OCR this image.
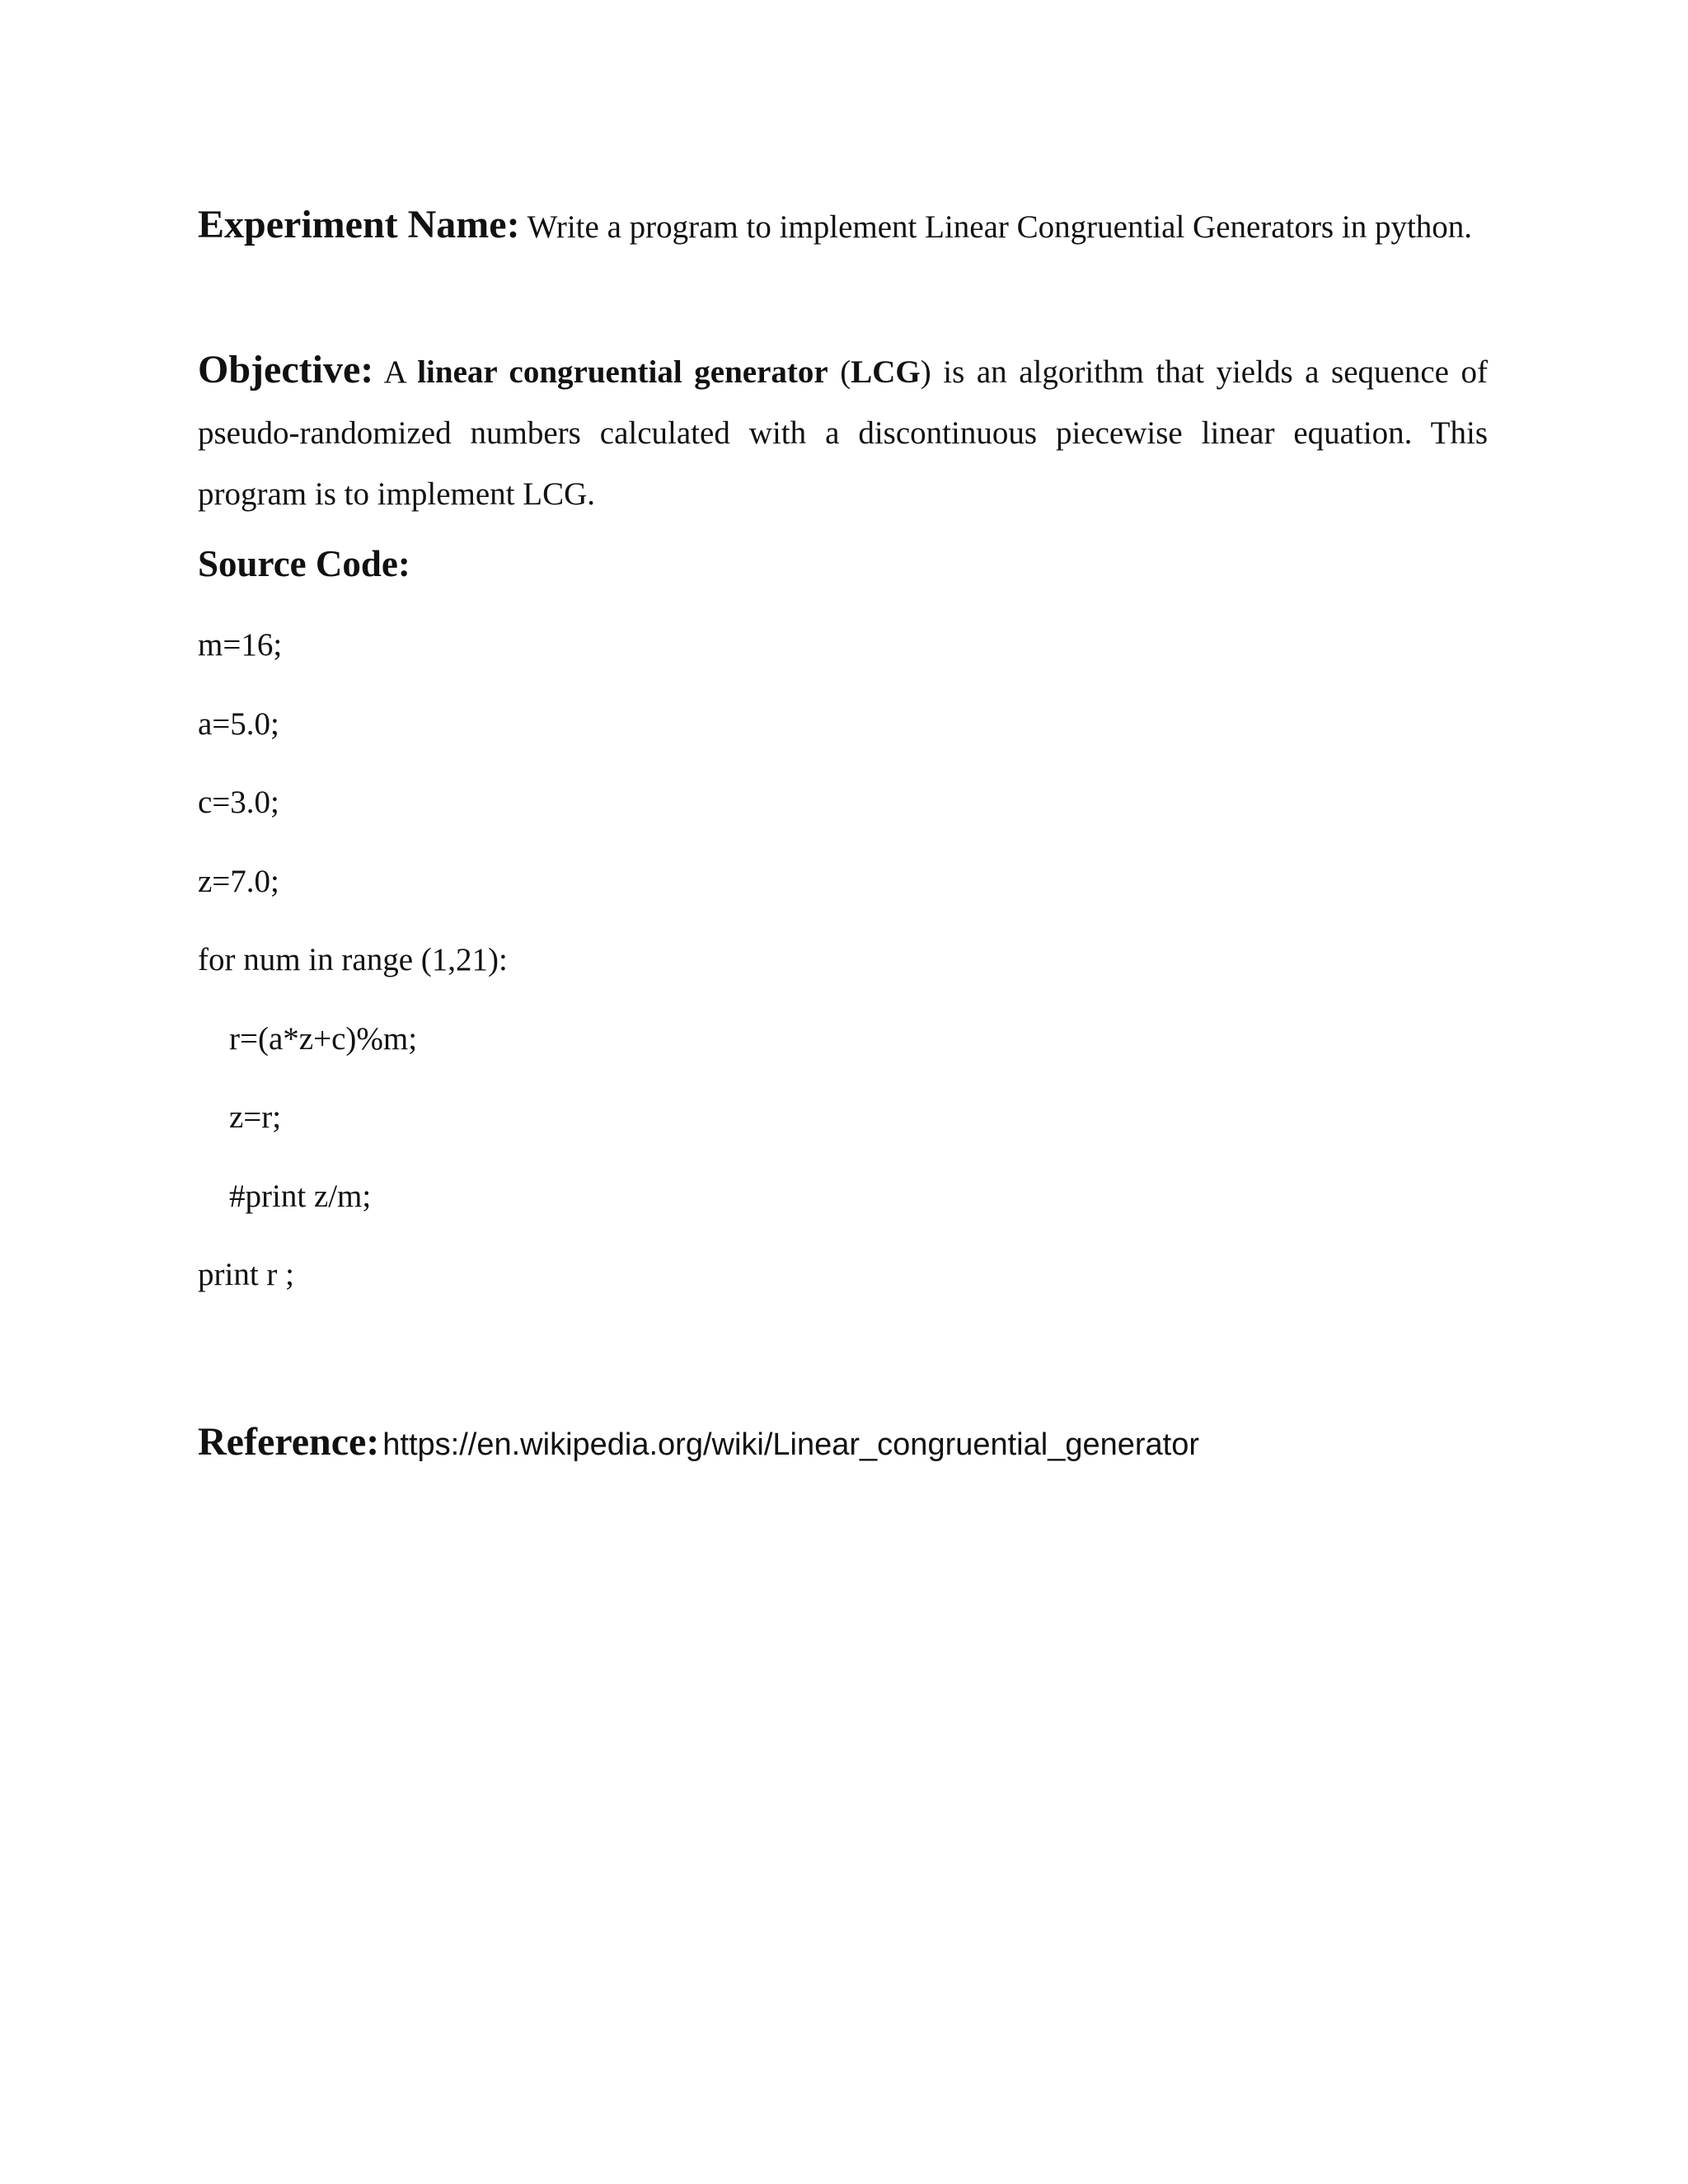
Experiment Name: Write a program to implement Linear Congruential Generators in python.
Objective: A linear congruential generator (LCG) is an algorithm that yields a sequence of pseudo-randomized numbers calculated with a discontinuous piecewise linear equation. This program is to implement LCG.
Source Code:
m=16;
a=5.0;
c=3.0;
z=7.0;
for num in range (1,21):
r=(a*z+c)%m;
z=r;
#print z/m;
print r ;
Reference: https://en.wikipedia.org/wiki/Linear_congruential_generator
